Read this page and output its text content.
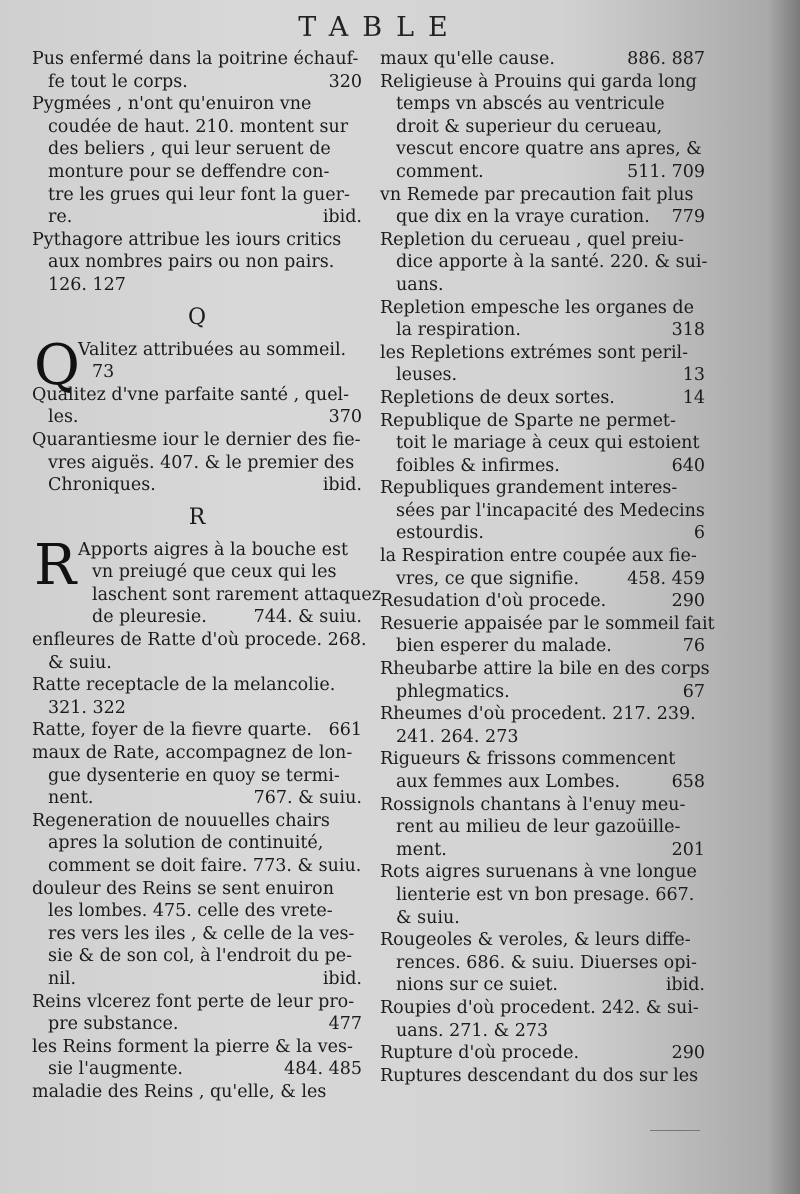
TABLE
Pus enfermé dans la poitrine échauf-
fe tout le corps.	320
Pygmées , n'ont qu'enuiron vne
coudée de haut. 210. montent sur
des beliers , qui leur seruent de
monture pour se deffendre con-
tre les grues qui leur font la guer-
re.	ibid.
Pythagore attribue les iours critics
aux nombres pairs ou non pairs.
126. 127
Q
Q
Valitez attribuées au sommeil.
73
Qualitez d'vne parfaite santé , quel-
les.	370
Quarantiesme iour le dernier des fie-
vres aiguës. 407. & le premier des
Chroniques.	ibid.
R
R Apports aigres à la bouche est
vn preiugé que ceux qui les
laschent sont rarement attaquez
de pleuresie.	744. & suiu.
enfleures de Ratte d'où procede. 268.
& suiu.
Ratte receptacle de la melancolie.
321. 322
Ratte, foyer de la fievre quarte. 661
maux de Rate, accompagnez de lon-
gue dysenterie en quoy se termi-
nent.	767. & suiu.
Regeneration de nouuelles chairs
apres la solution de continuité,
comment se doit faire. 773. & suiu.
douleur des Reins se sent enuiron
les lombes. 475. celle des vrete-
res vers les iles , & celle de la ves-
sie & de son col, à l'endroit du pe-
nil.	ibid.
Reins vlcerez font perte de leur pro-
pre substance.	477
les Reins forment la pierre & la ves-
sie l'augmente.	484. 485
maladie des Reins , qu'elle, & les
maux qu'elle cause.	886. 887
Religieuse à Prouins qui garda long
temps vn abscés au ventricule
droit & superieur du cerueau,
vescut encore quatre ans apres, &
comment.	511. 709
vn Remede par precaution fait plus
que dix en la vraye curation. 779
Repletion du cerueau , quel preiu-
dice apporte à la santé. 220. & sui-
uans.
Repletion empesche les organes de
la respiration.	318
les Repletions extrémes sont peril-
leuses.	13
Repletions de deux sortes.	14
Republique de Sparte ne permet-
toit le mariage à ceux qui estoient
foibles & infirmes.	640
Republiques grandement interes-
sées par l'incapacité des Medecins
estourdis.	6
la Respiration entre coupée aux fie-
vres, ce que signifie.	458. 459
Resudation d'où procede.	290
Resuerie appaisée par le sommeil fait
bien esperer du malade.	76
Rheubarbe attire la bile en des corps
phlegmatics.	67
Rheumes d'où procedent. 217. 239.
241. 264. 273
Rigueurs & frissons commencent
aux femmes aux Lombes.	658
Rossignols chantans à l'enuy meu-
rent au milieu de leur gazoüille-
ment.	201
Rots aigres suruenans à vne longue
lienterie est vn bon presage. 667.
& suiu.
Rougeoles & veroles, & leurs diffe-
rences. 686. & suiu. Diuerses opi-
nions sur ce suiet.	ibid.
Roupies d'où procedent. 242. & sui-
uans. 271. & 273
Rupture d'où procede.	290
Ruptures descendant du dos sur les
